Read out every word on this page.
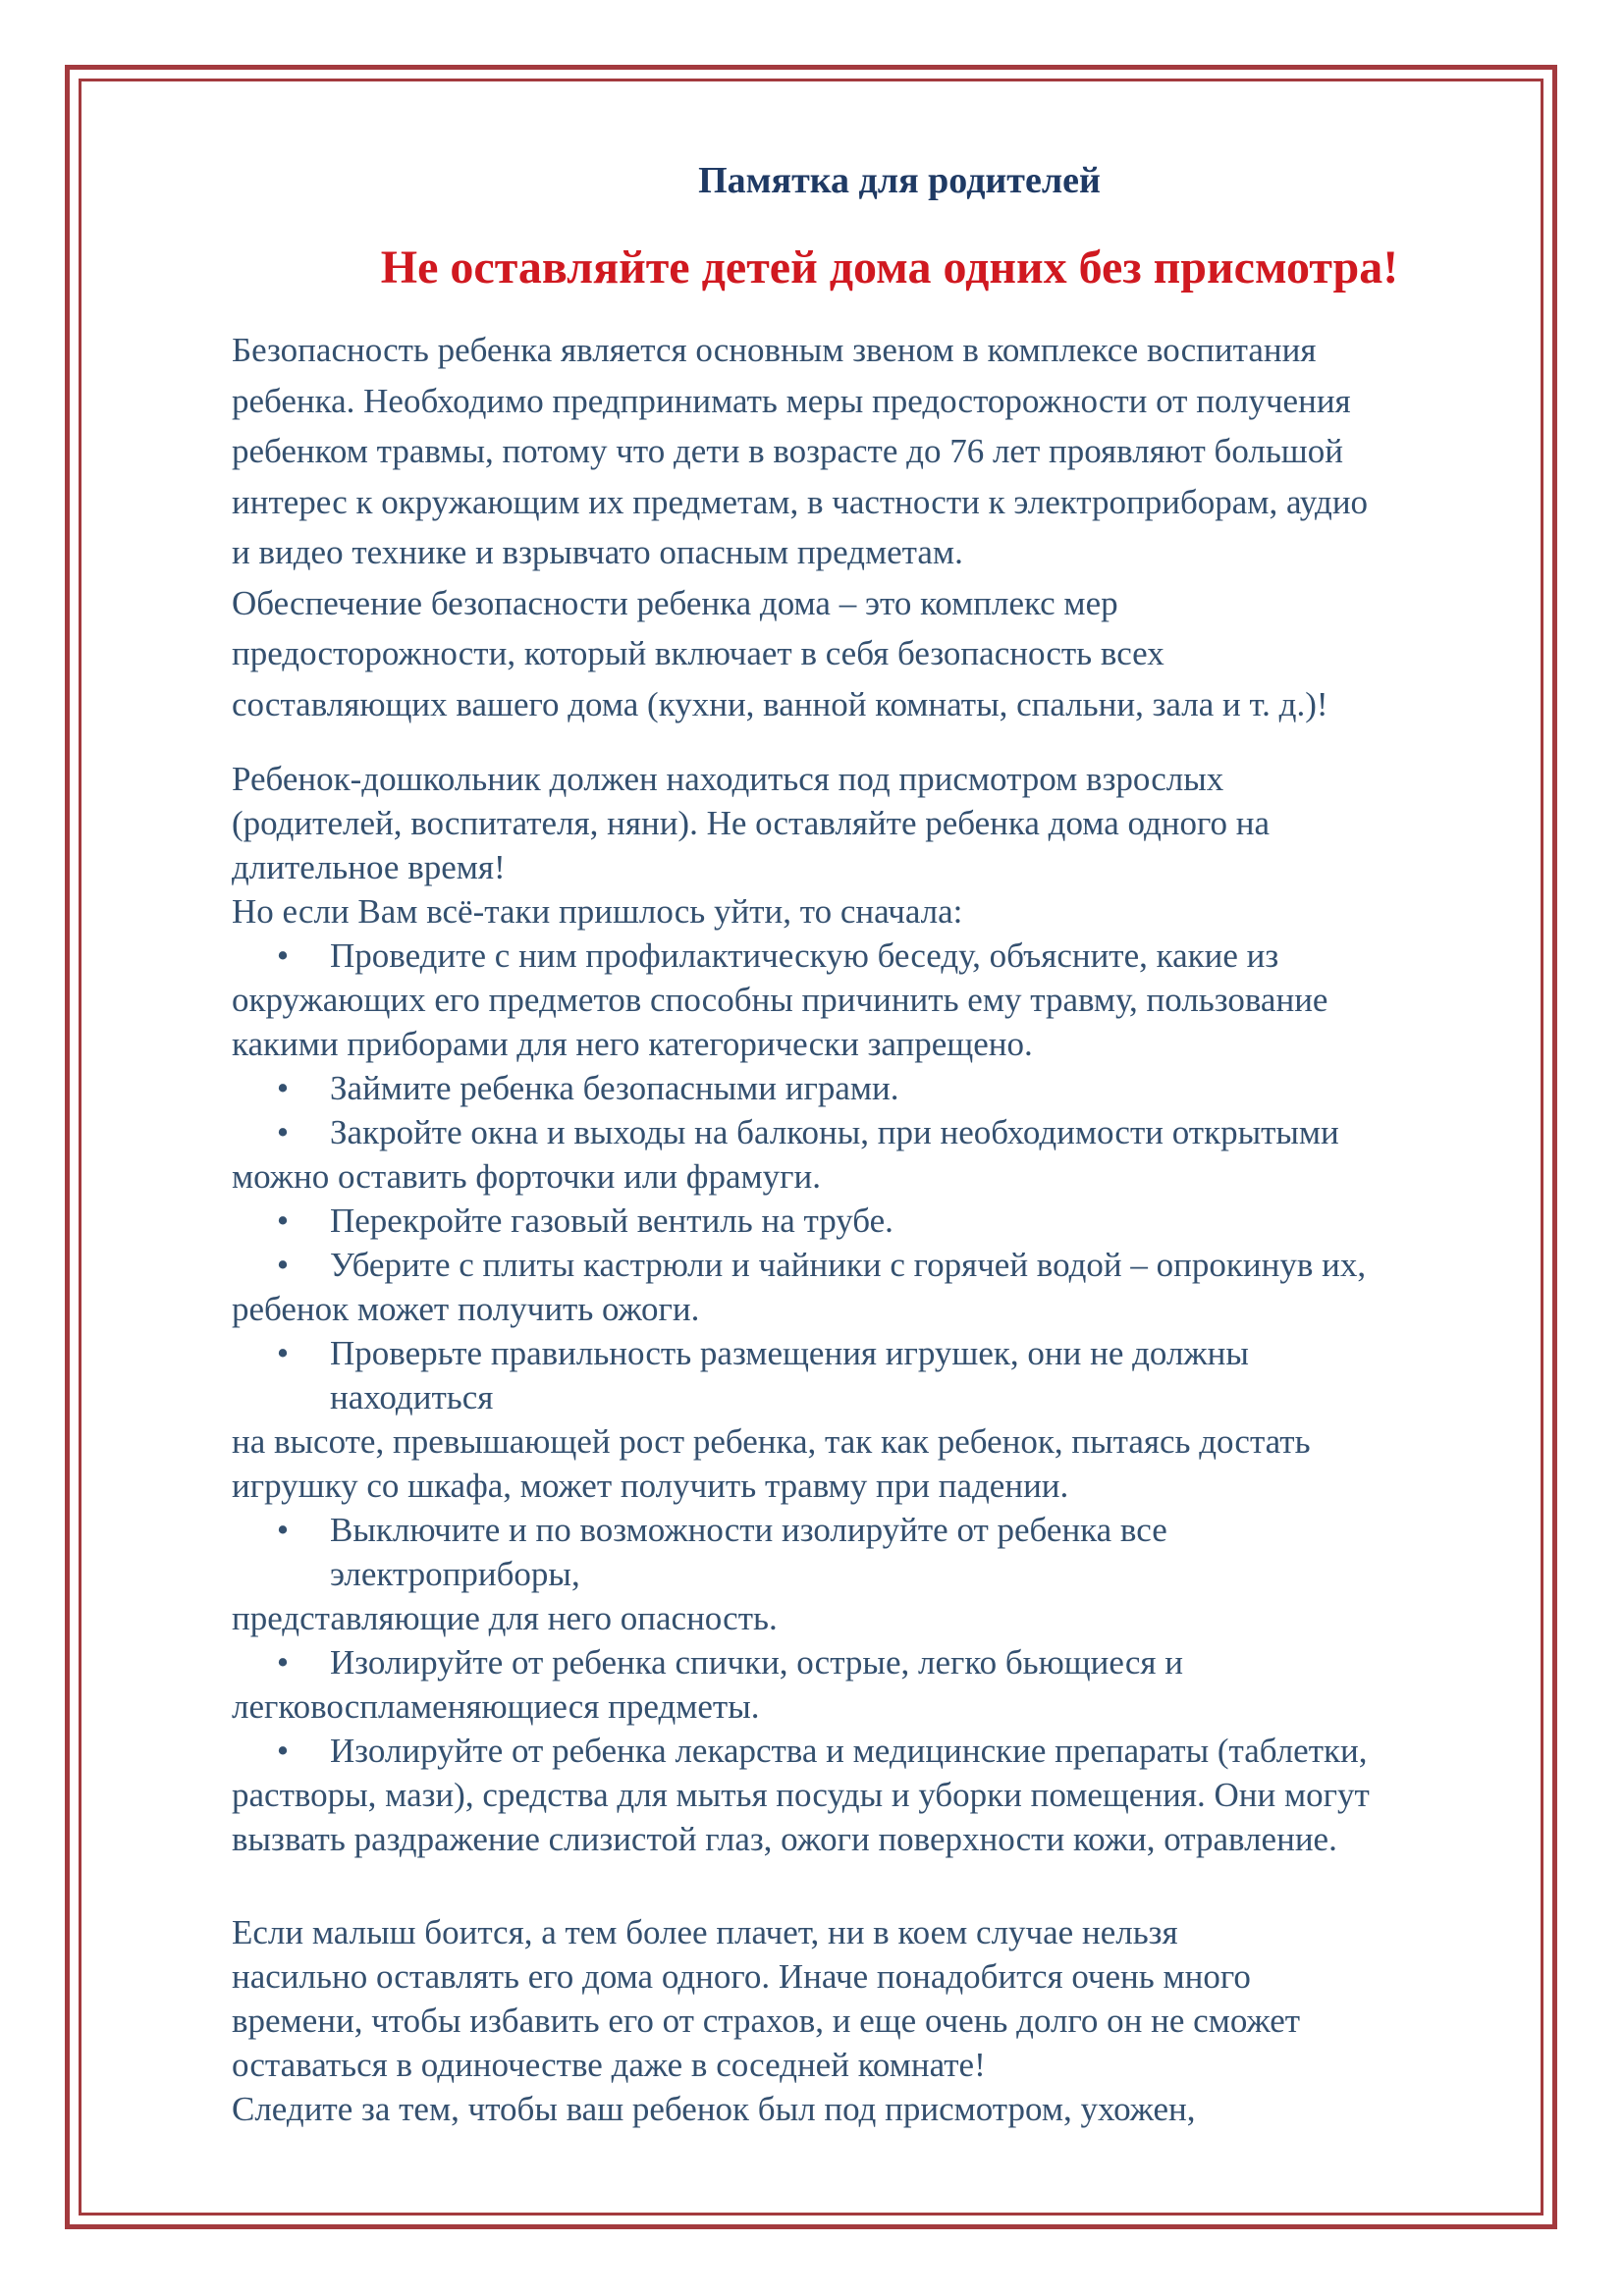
Памятка для родителей
Не оставляйте детей дома одних без присмотра!
Безопасность ребенка является основным звеном в комплексе воспитания
ребенка. Необходимо предпринимать меры предосторожности от получения
ребенком травмы, потому что дети в возрасте до 76 лет проявляют большой
интерес к окружающим их предметам, в частности к электроприборам, аудио
и видео технике и взрывчато опасным предметам.
Обеспечение безопасности ребенка дома – это комплекс мер
предосторожности, который включает в себя безопасность всех
составляющих вашего дома (кухни, ванной комнаты, спальни, зала и т. д.)!
Ребенок-дошкольник должен находиться под присмотром взрослых
(родителей, воспитателя, няни). Не оставляйте ребенка дома одного на
длительное время!
Но если Вам всё-таки пришлось уйти, то сначала:
• Проведите с ним профилактическую беседу, объясните, какие из
окружающих его предметов способны причинить ему травму, пользование
какими приборами для него категорически запрещено.
• Займите ребенка безопасными играми.
• Закройте окна и выходы на балконы, при необходимости открытыми
можно оставить форточки или фрамуги.
• Перекройте газовый вентиль на трубе.
• Уберите с плиты кастрюли и чайники с горячей водой – опрокинув их,
ребенок может получить ожоги.
• Проверьте правильность размещения игрушек, они не должны
находиться
на высоте, превышающей рост ребенка, так как ребенок, пытаясь достать
игрушку со шкафа, может получить травму при падении.
• Выключите и по возможности изолируйте от ребенка все
электроприборы,
представляющие для него опасность.
• Изолируйте от ребенка спички, острые, легко бьющиеся и
легковоспламеняющиеся предметы.
• Изолируйте от ребенка лекарства и медицинские препараты (таблетки,
растворы, мази), средства для мытья посуды и уборки помещения. Они могут
вызвать раздражение слизистой глаз, ожоги поверхности кожи, отравление.
Если малыш боится, а тем более плачет, ни в коем случае нельзя
насильно оставлять его дома одного. Иначе понадобится очень много
времени, чтобы избавить его от страхов, и еще очень долго он не сможет
оставаться в одиночестве даже в соседней комнате!
Следите за тем, чтобы ваш ребенок был под присмотром, ухожен,
